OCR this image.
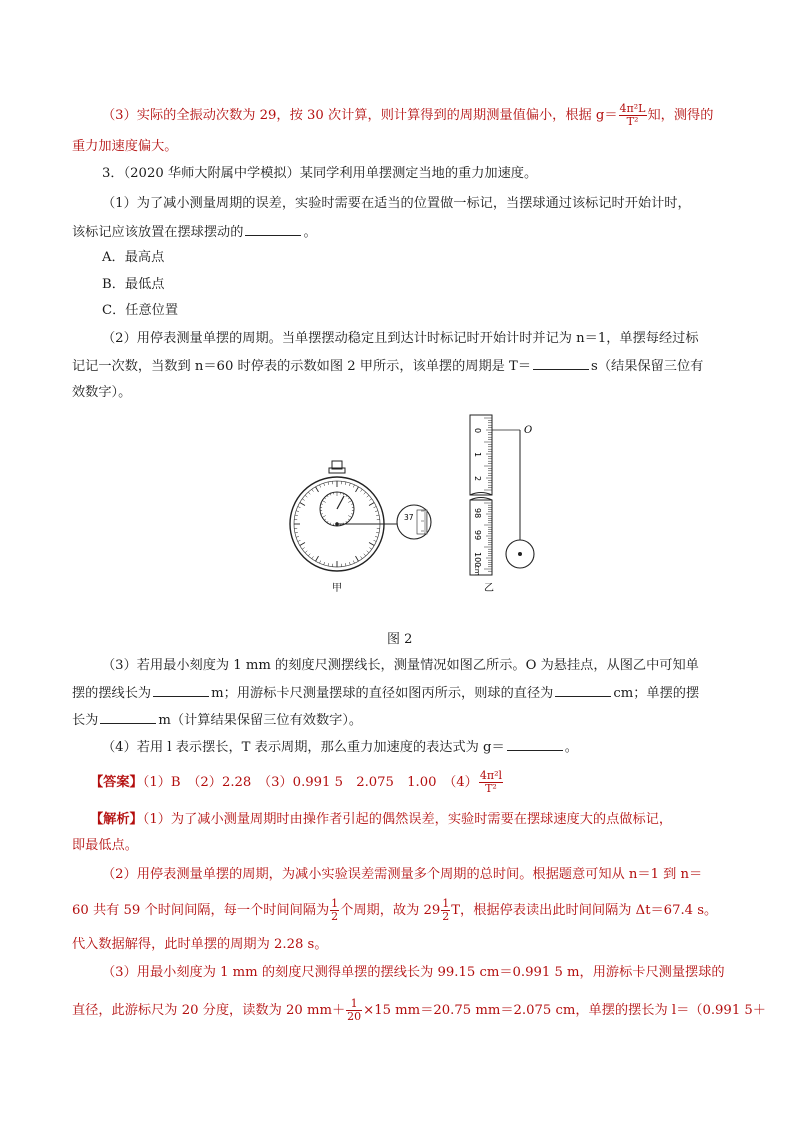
（3）实际的全振动次数为 29，按 30 次计算，则计算得到的周期测量值偏小，根据 $g= \frac{\text{4π²L}}{\text{T²}}$ 知，测得的
重力加速度偏大。
3．（2020 华师大附属中学模拟）某同学利用单摆测定当地的重力加速度。
（1）为了减小测量周期的误差，实验时需要在适当的位置做一标记，当摆球通过该标记时开始计时，
该标记应该放置在摆球摆动的	。
A．最高点
B．最低点
C．任意位置
（2）用停表测量单摆的周期。当单摆摆动稳定且到达计时标记时开始计时并记为 n＝1，单摆每经过标
记记一次数，当数到 n＝60 时停表的示数如图 2 甲所示，该单摆的周期是 T＝	s（结果保留三位有
效数字）。
37
0
1
2
98
99
100
cm
O
甲	乙
图 2
（3）若用最小刻度为 1 mm 的刻度尺测摆线长，测量情况如图乙所示。O 为悬挂点，从图乙中可知单
摆的摆线长为	m；用游标卡尺测量摆球的直径如图丙所示，则球的直径为	cm；单摆的摆
长为	m（计算结果保留三位有效数字）。
（4）若用 l 表示摆长，T 表示周期，那么重力加速度的表达式为 g＝	。
【答案】（1）B　（2）2.28　（3）0.991 5　2.075　1.00　$(4) \frac{\text{4π²l}}{\text{T²}}$
【解析】（1）为了减小测量周期时由操作者引起的偶然误差，实验时需要在摆球速度大的点做标记，
即最低点。
（2）用停表测量单摆的周期，为减小实验误差需测量多个周期的总时间。根据题意可知从 n＝1 到 n＝
60 共有 59 个时间间隔，每一个时间间隔为 $\frac{1}{2}$ 个周期，故为 $29 \frac{1}{2}$ T，根据停表读出此时间间隔为 Δt＝67.4 s。
代入数据解得，此时单摆的周期为 2.28 s。
（3）用最小刻度为 1 mm 的刻度尺测得单摆的摆线长为 99.15 cm＝0.991 5 m，用游标卡尺测量摆球的
直径，此游标尺为 20 分度，读数为 20 $mm+ \frac{1}{20} \times 15$ mm＝20.75 mm＝2.075 cm，单摆的摆长为 l＝（0.991 5＋
